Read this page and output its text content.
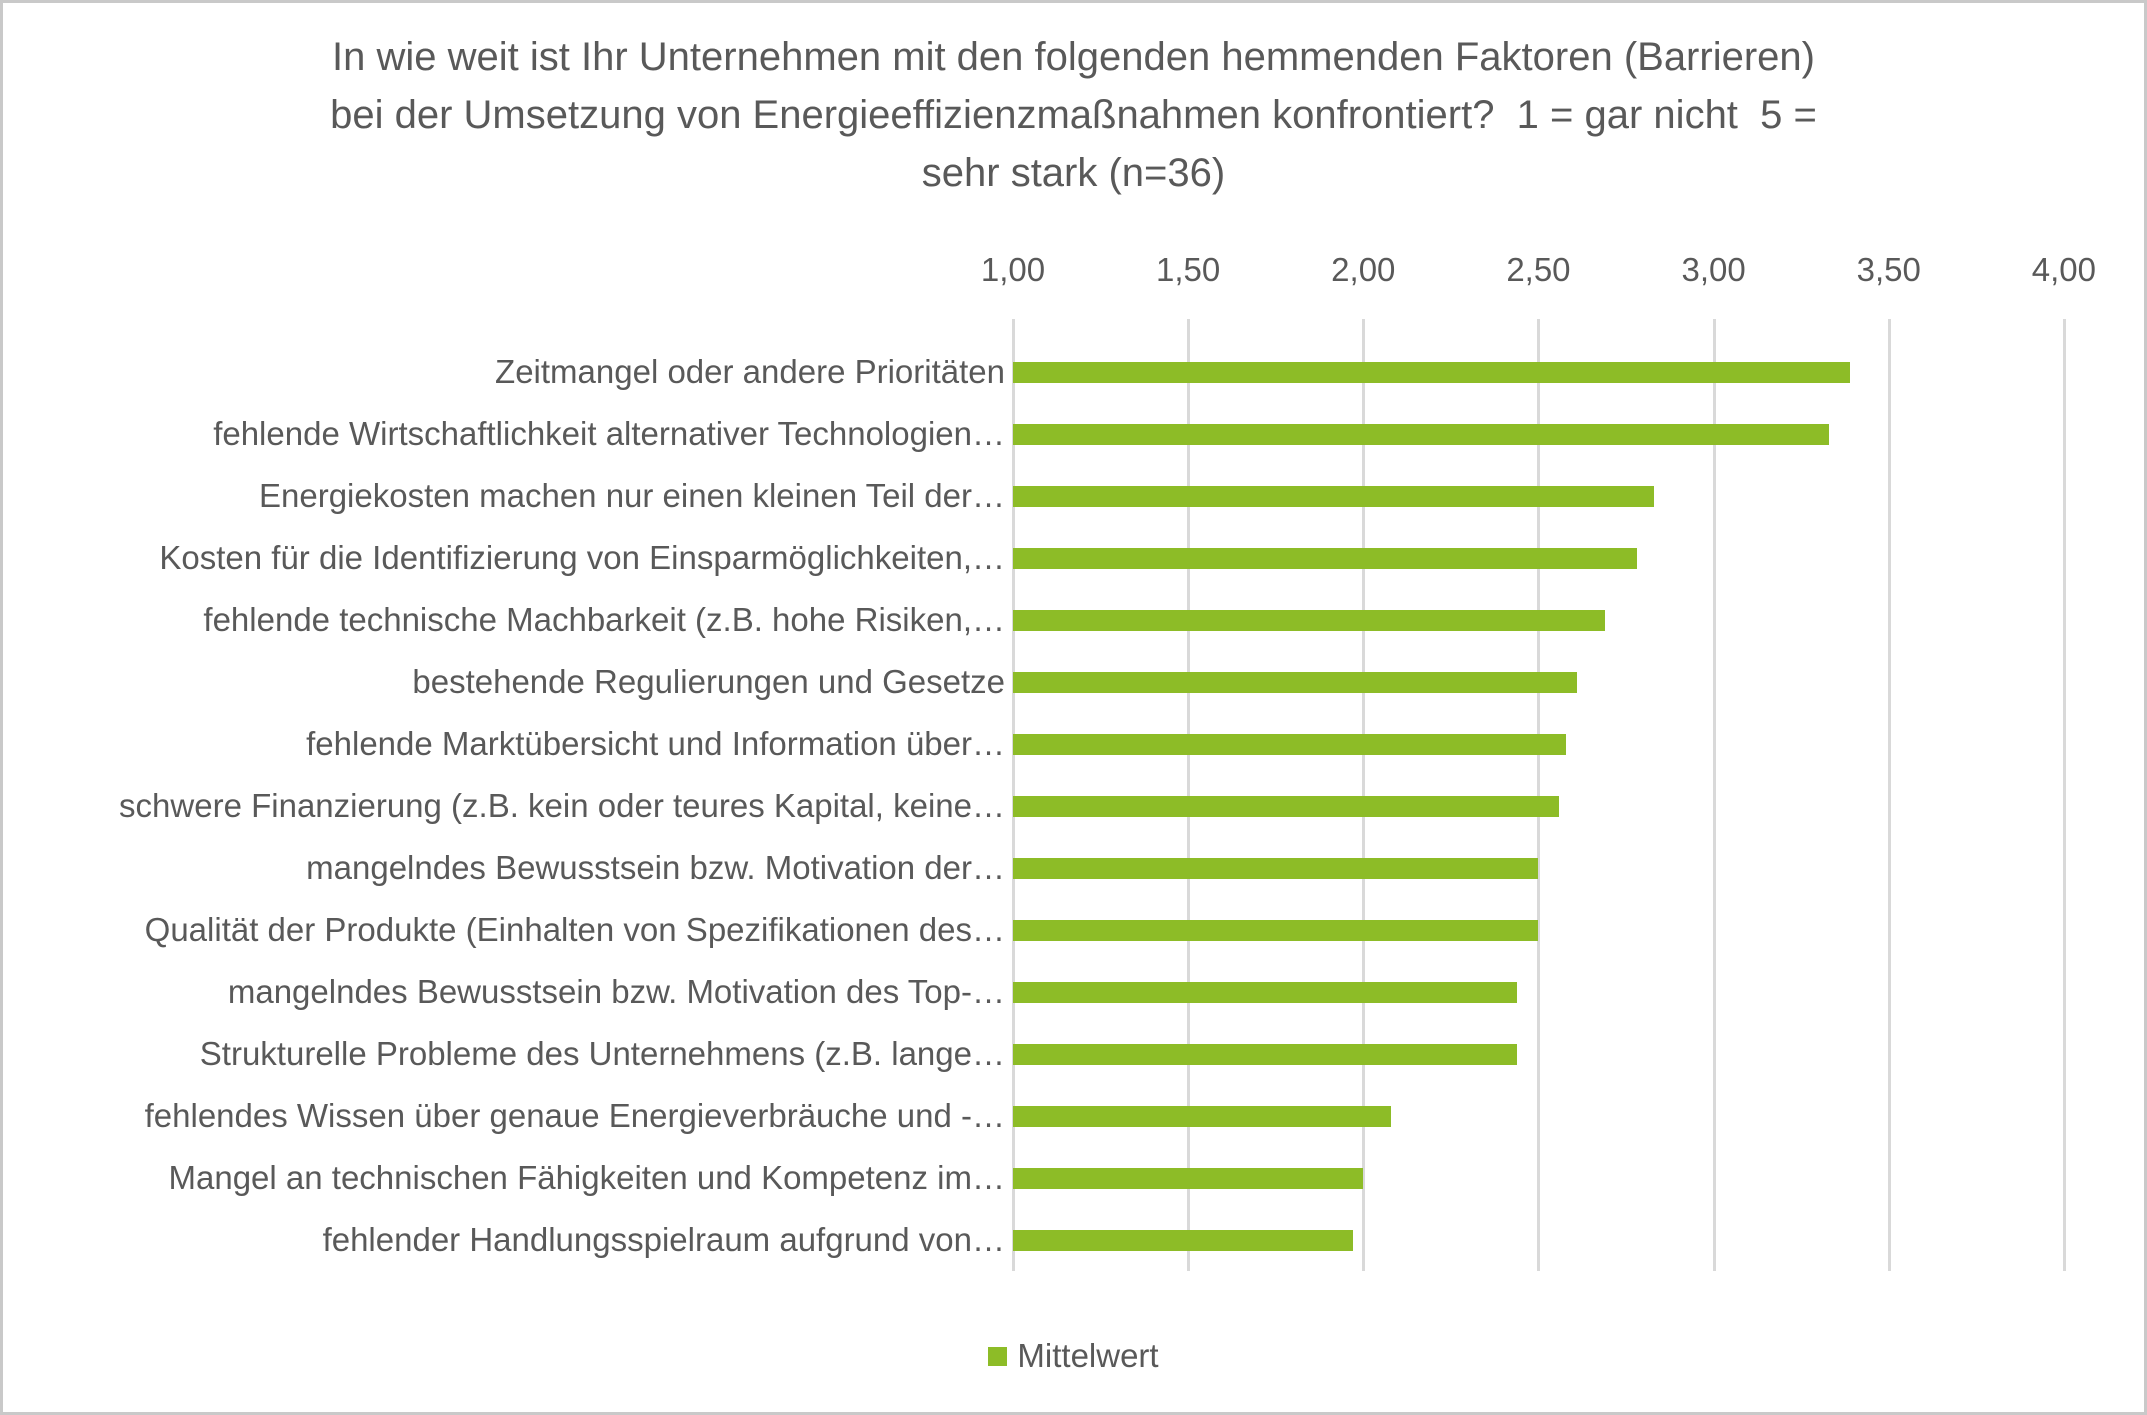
In wie weit ist Ihr Unternehmen mit den folgenden hemmenden Faktoren (Barrieren)
bei der Umsetzung von Energieeffizienzmaßnahmen konfrontiert?  1 = gar nicht  5 =
sehr stark (n=36)
1,00	1,50	2,00	2,50	3,00	3,50	4,00
Zeitmangel oder andere Prioritäten
fehlende Wirtschaftlichkeit alternativer Technologien…
Energiekosten machen nur einen kleinen Teil der…
Kosten für die Identifizierung von Einsparmöglichkeiten,…
fehlende technische Machbarkeit (z.B. hohe Risiken,…
bestehende Regulierungen und Gesetze
fehlende Marktübersicht und Information über…
schwere Finanzierung (z.B. kein oder teures Kapital, keine…
mangelndes Bewusstsein bzw. Motivation der…
Qualität der Produkte (Einhalten von Spezifikationen des…
mangelndes Bewusstsein bzw. Motivation des Top-…
Strukturelle Probleme des Unternehmens (z.B. lange…
fehlendes Wissen über genaue Energieverbräuche und -…
Mangel an technischen Fähigkeiten und Kompetenz im…
fehlender Handlungsspielraum aufgrund von…
Mittelwert
